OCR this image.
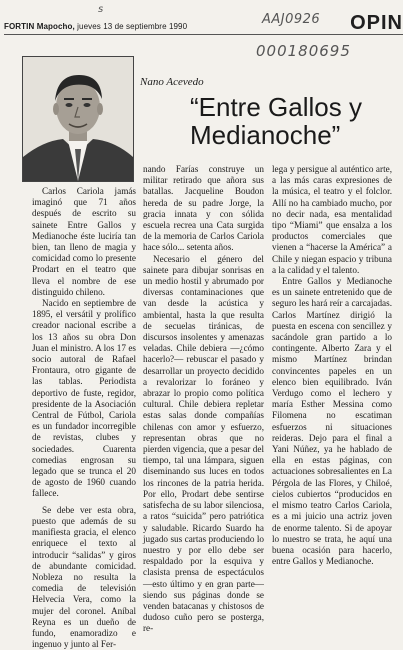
s
AAJ0926
FORTIN Mapocho, jueves 13 de septiembre 1990	OPIN
000180695
Nano Acevedo
“Entre Gallos y Medianoche”

Carlos Cariola jamás imaginó que 71 años después de escrito su sainete Entre Gallos y Medianoche éste luciría tan bien, tan lleno de magia y comicidad como lo presente Prodart en el teatro que lleva el nombre de ese distinguido chileno.

Nacido en septiembre de 1895, el versátil y prolífico creador nacional escribe a los 13 años su obra Don Juan el ministro. A los 17 es socio autoral de Rafael Frontaura, otro gigante de las tablas. Periodista deportivo de fuste, regidor, presidente de la Asociación Central de Fútbol, Cariola es un fundador incorregible de revistas, clubes y sociedades. Cuarenta comedias engrosan su legado que se trunca el 20 de agosto de 1960 cuando fallece.

Se debe ver esta obra, puesto que además de su manifiesta gracia, el elenco enriquece el texto al introducir “salidas” y giros de abundante comicidad. Nobleza no resulta la comedia de televisión Helvecia Vera, como la mujer del coronel. Aníbal Reyna es un dueño de fundo, enamoradizo e ingenuo y junto al Fer-

nando Farías construye un militar retirado que añora sus batallas. Jacqueline Boudon hereda de su padre Jorge, la gracia innata y con sólida escuela recrea una Cata surgida de la memoria de Carlos Cariola hace sólo... setenta años.

Necesario el género del sainete para dibujar sonrisas en un medio hostil y abrumado por diversas contaminaciones que van desde la acústica y ambiental, hasta la que resulta de secuelas tiránicas, de discursos insolentes y amenazas veladas. Chile debiera —¿cómo hacerlo?— rebuscar el pasado y desarrollar un proyecto decidido a revalorizar lo foráneo y abrazar lo propio como política cultural. Chile debiera repletar estas salas donde compañías chilenas con amor y esfuerzo, representan obras que no pierden vigencia, que a pesar del tiempo, tal una lámpara, siguen diseminando sus luces en todos los rincones de la patria herida. Por ello, Prodart debe sentirse satisfecha de su labor silenciosa, a ratos “suicida” pero patriótica y saludable. Ricardo Suardo ha jugado sus cartas produciendo lo nuestro y por ello debe ser respaldado por la esquiva y clasista prensa de espectáculos —esto último y en gran parte— siendo sus páginas donde se venden batacanas y chistosos de dudoso cuño pero se posterga, re-

lega y persigue al auténtico arte, a las más caras expresiones de la música, el teatro y el folclor. Allí no ha cambiado mucho, por no decir nada, esa mentalidad tipo “Miami” que ensalza a los productos comerciales que vienen a “hacerse la América” a Chile y niegan espacio y tribuna a la calidad y el talento.

Entre Gallos y Medianoche es un sainete entretenido que de seguro les hará reír a carcajadas. Carlos Martínez dirigió la puesta en escena con sencillez y sacándole gran partido a lo contingente. Alberto Zara y el mismo Martínez brindan convincentes papeles en un elenco bien equilibrado. Iván Verdugo como el lechero y maría Esther Messina como Filomena no escatiman esfuerzos ni situaciones reideras. Dejo para el final a Yani Núñez, ya he hablado de ella en estas páginas, con actuaciones sobresalientes en La Pérgola de las Flores, y Chiloé, cielos cubiertos “producidos en el mismo teatro Carlos Cariola, es a mi juicio una actriz joven de enorme talento. Si de apoyar lo nuestro se trata, he aquí una buena ocasión para hacerlo, entre Gallos y Medianoche.
